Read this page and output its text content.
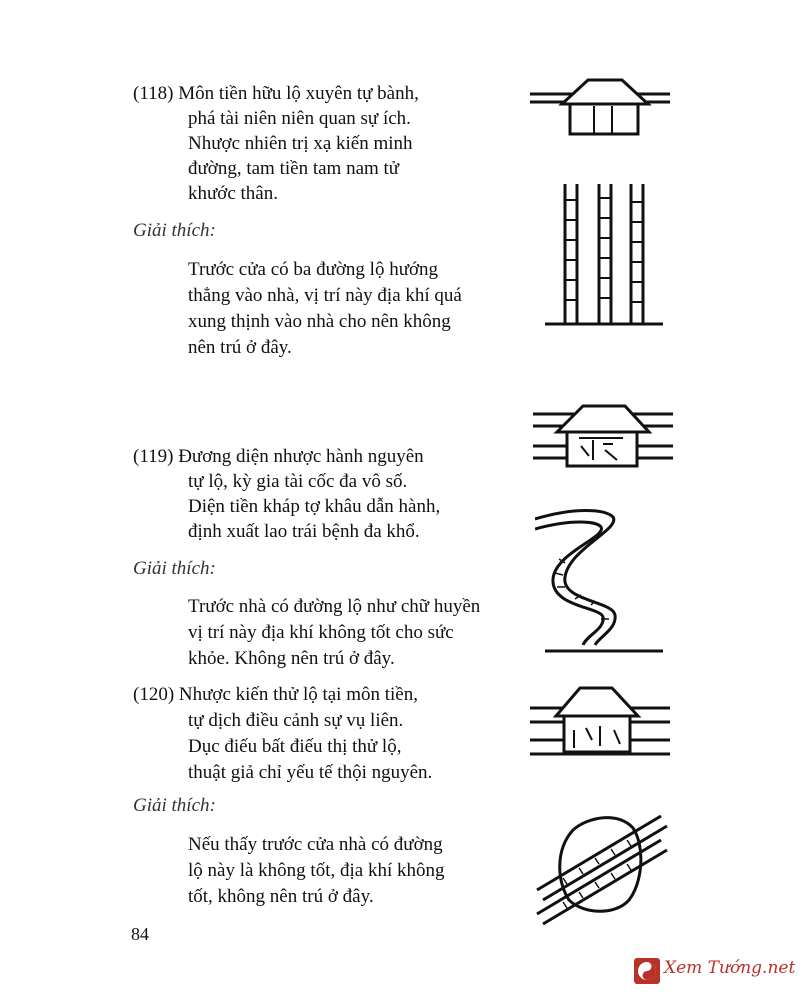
(118) Môn tiền hữu lộ xuyên tự bành,
phá tài niên niên quan sự ích.
Nhược nhiên trị xạ kiến minh
đường, tam tiền tam nam tử
khước thân.
Giải thích:
Trước cửa có ba đường lộ hướng
thẳng vào nhà, vị trí này địa khí quá
xung thịnh vào nhà cho nên không
nên trú ở đây.
(119) Đương diện nhược hành nguyên
tự lộ, kỳ gia tài cốc đa vô số.
Diện tiền kháp tợ khâu dẫn hành,
định xuất lao trái bệnh đa khổ.
Giải thích:
Trước nhà có đường lộ như chữ huyền
vị trí này địa khí không tốt cho sức
khỏe. Không nên trú ở đây.
(120) Nhược kiến thử lộ tại môn tiền,
tự dịch điều cảnh sự vụ liên.
Dục điếu bất điếu thị thử lộ,
thuật giả chỉ yếu tế thội nguyên.
Giải thích:
Nếu thấy trước cửa nhà có đường
lộ này là không tốt, địa khí không
tốt, không nên trú ở đây.
84
Xem Tướng.net
